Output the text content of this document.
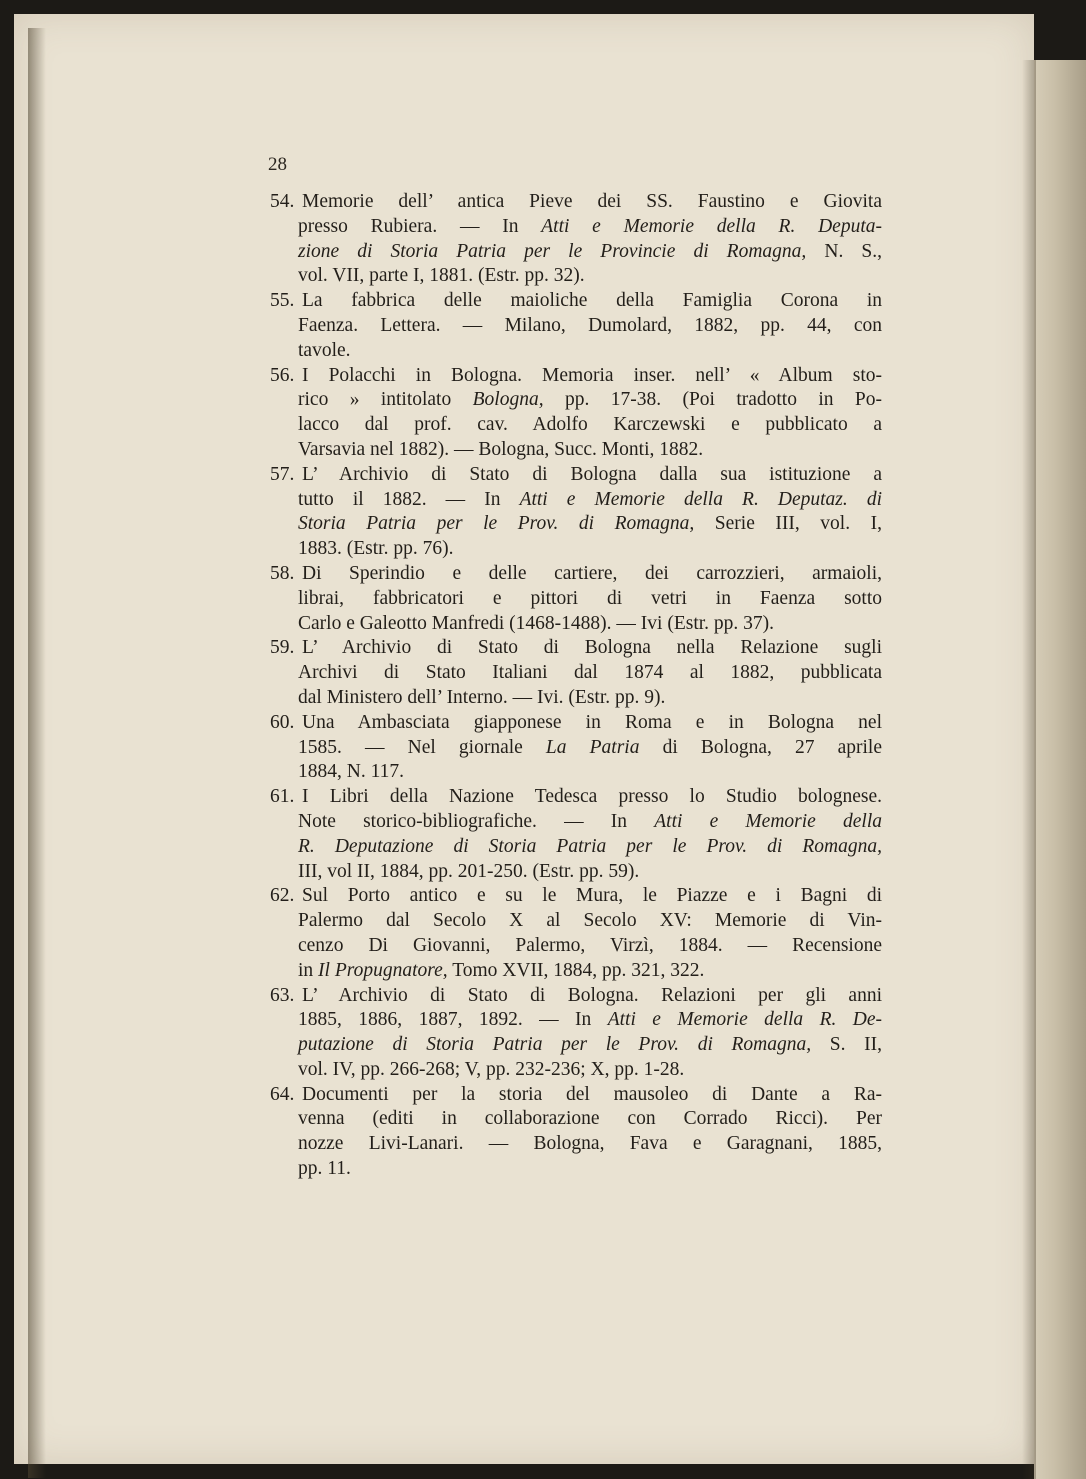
28
54. Memorie dell’ antica Pieve dei SS. Faustino e Giovita
presso Rubiera. — In Atti e Memorie della R. Deputa-
zione di Storia Patria per le Provincie di Romagna, N. S.,
vol. VII, parte I, 1881. (Estr. pp. 32).
55. La fabbrica delle maioliche della Famiglia Corona in
Faenza. Lettera. — Milano, Dumolard, 1882, pp. 44, con
tavole.
56. I Polacchi in Bologna. Memoria inser. nell’ « Album sto-
rico » intitolato Bologna, pp. 17-38. (Poi tradotto in Po-
lacco dal prof. cav. Adolfo Karczewski e pubblicato a
Varsavia nel 1882). — Bologna, Succ. Monti, 1882.
57. L’ Archivio di Stato di Bologna dalla sua istituzione a
tutto il 1882. — In Atti e Memorie della R. Deputaz. di
Storia Patria per le Prov. di Romagna, Serie III, vol. I,
1883. (Estr. pp. 76).
58. Di Sperindio e delle cartiere, dei carrozzieri, armaioli,
librai, fabbricatori e pittori di vetri in Faenza sotto
Carlo e Galeotto Manfredi (1468-1488). — Ivi (Estr. pp. 37).
59. L’ Archivio di Stato di Bologna nella Relazione sugli
Archivi di Stato Italiani dal 1874 al 1882, pubblicata
dal Ministero dell’ Interno. — Ivi. (Estr. pp. 9).
60. Una Ambasciata giapponese in Roma e in Bologna nel
1585. — Nel giornale La Patria di Bologna, 27 aprile
1884, N. 117.
61. I Libri della Nazione Tedesca presso lo Studio bolognese.
Note storico-bibliografiche. — In Atti e Memorie della
R. Deputazione di Storia Patria per le Prov. di Romagna,
III, vol II, 1884, pp. 201-250. (Estr. pp. 59).
62. Sul Porto antico e su le Mura, le Piazze e i Bagni di
Palermo dal Secolo X al Secolo XV: Memorie di Vin-
cenzo Di Giovanni, Palermo, Virzì, 1884. — Recensione
in Il Propugnatore, Tomo XVII, 1884, pp. 321, 322.
63. L’ Archivio di Stato di Bologna. Relazioni per gli anni
1885, 1886, 1887, 1892. — In Atti e Memorie della R. De-
putazione di Storia Patria per le Prov. di Romagna, S. II,
vol. IV, pp. 266-268; V, pp. 232-236; X, pp. 1-28.
64. Documenti per la storia del mausoleo di Dante a Ra-
venna (editi in collaborazione con Corrado Ricci). Per
nozze Livi-Lanari. — Bologna, Fava e Garagnani, 1885,
pp. 11.
